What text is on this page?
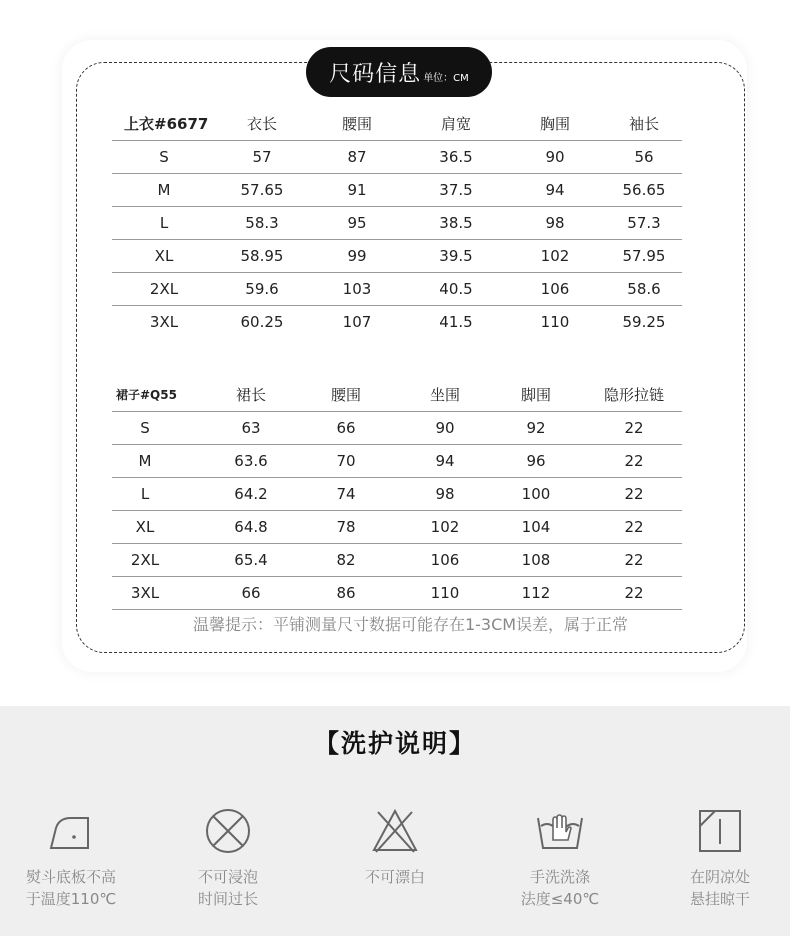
尺码信息 单位：CM
上衣#6677	衣长	腰围	肩宽	胸围	袖长
S	57	87	36.5	90	56
M	57.65	91	37.5	94	56.65
L	58.3	95	38.5	98	57.3
XL	58.95	99	39.5	102	57.95
2XL	59.6	103	40.5	106	58.6
3XL	60.25	107	41.5	110	59.25
裙子#Q55	裙长	腰围	坐围	脚围	隐形拉链
S	63	66	90	92	22
M	63.6	70	94	96	22
L	64.2	74	98	100	22
XL	64.8	78	102	104	22
2XL	65.4	82	106	108	22
3XL	66	86	110	112	22
温馨提示：平铺测量尺寸数据可能存在1-3CM误差，属于正常
【洗护说明】
熨斗底板不高
于温度110℃
不可浸泡
时间过长
不可漂白	手洗洗涤
法度≤40℃
在阴凉处
悬挂晾干
